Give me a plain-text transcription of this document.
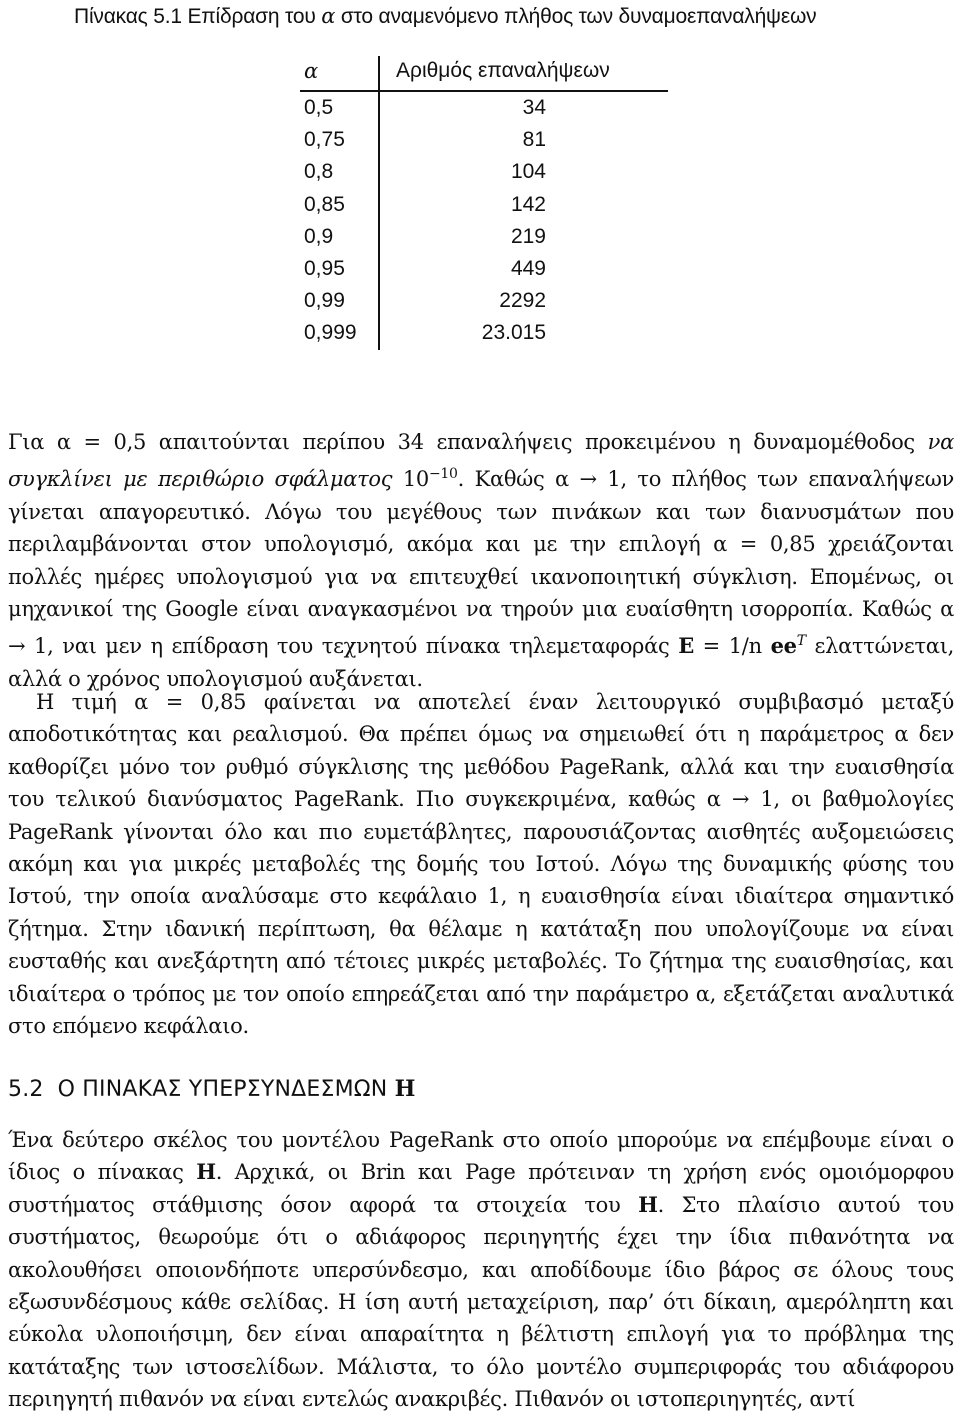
Πίνακας 5.1 Επίδραση του α στο αναμενόμενο πλήθος των δυναμοεπαναλήψεων
α	Αριθμός επαναλήψεων
0,5	34
0,75	81
0,8	104
0,85	142
0,9	219
0,95	449
0,99	2292
0,999	23.015

Για α = 0,5 απαιτούνται περίπου 34 επαναλήψεις προκειμένου η δυναμομέθοδος να συγκλίνει με περιθώριο σφάλματος $10^{-10}$. Καθώς α → 1, το πλήθος των επαναλήψεων γίνεται απαγορευτικό. Λόγω του μεγέθους των πινάκων και των διανυσμάτων που περιλαμβάνονται στον υπολογισμό, ακόμα και με την επιλογή α = 0,85 χρειάζονται πολλές ημέρες υπολογισμού για να επιτευχθεί ικανοποιητική σύγκλιση. Επομένως, οι μηχανικοί της Google είναι αναγκασμένοι να τηρούν μια ευαίσθητη ισορροπία. Καθώς α → 1, ναι μεν η επίδραση του τεχνητού πίνακα τηλεμεταφοράς E = 1/n $ee^T$ ελαττώνεται, αλλά ο χρόνος υπολογισμού αυξάνεται.

Η τιμή α = 0,85 φαίνεται να αποτελεί έναν λειτουργικό συμβιβασμό μεταξύ αποδοτικότητας και ρεαλισμού. Θα πρέπει όμως να σημειωθεί ότι η παράμετρος α δεν καθορίζει μόνο τον ρυθμό σύγκλισης της μεθόδου PageRank, αλλά και την ευαισθησία του τελικού διανύσματος PageRank. Πιο συγκεκριμένα, καθώς α → 1, οι βαθμολογίες PageRank γίνονται όλο και πιο ευμετάβλητες, παρουσιάζοντας αισθητές αυξομειώσεις ακόμη και για μικρές μεταβολές της δομής του Ιστού. Λόγω της δυναμικής φύσης του Ιστού, την οποία αναλύσαμε στο κεφάλαιο 1, η ευαισθησία είναι ιδιαίτερα σημαντικό ζήτημα. Στην ιδανική περίπτωση, θα θέλαμε η κατάταξη που υπολογίζουμε να είναι ευσταθής και ανεξάρτητη από τέτοιες μικρές μεταβολές. Το ζήτημα της ευαισθησίας, και ιδιαίτερα ο τρόπος με τον οποίο επηρεάζεται από την παράμετρο α, εξετάζεται αναλυτικά στο επόμενο κεφάλαιο.

5.2 Ο ΠΙΝΑΚΑΣ ΥΠΕΡΣΥΝΔΕΣΜΩΝ H

Ένα δεύτερο σκέλος του μοντέλου PageRank στο οποίο μπορούμε να επέμβουμε είναι ο ίδιος ο πίνακας H. Αρχικά, οι Brin και Page πρότειναν τη χρήση ενός ομοιόμορφου συστήματος στάθμισης όσον αφορά τα στοιχεία του H. Στο πλαίσιο αυτού του συστήματος, θεωρούμε ότι ο αδιάφορος περιηγητής έχει την ίδια πιθανότητα να ακολουθήσει οποιονδήποτε υπερσύνδεσμο, και αποδίδουμε ίδιο βάρος σε όλους τους εξωσυνδέσμους κάθε σελίδας. Η ίση αυτή μεταχείριση, παρ’ ότι δίκαιη, αμερόληπτη και εύκολα υλοποιήσιμη, δεν είναι απαραίτητα η βέλτιστη επιλογή για το πρόβλημα της κατάταξης των ιστοσελίδων. Μάλιστα, το όλο μοντέλο συμπεριφοράς του αδιάφορου περιηγητή πιθανόν να είναι εντελώς ανακριβές. Πιθανόν οι ιστοπεριηγητές, αντί
